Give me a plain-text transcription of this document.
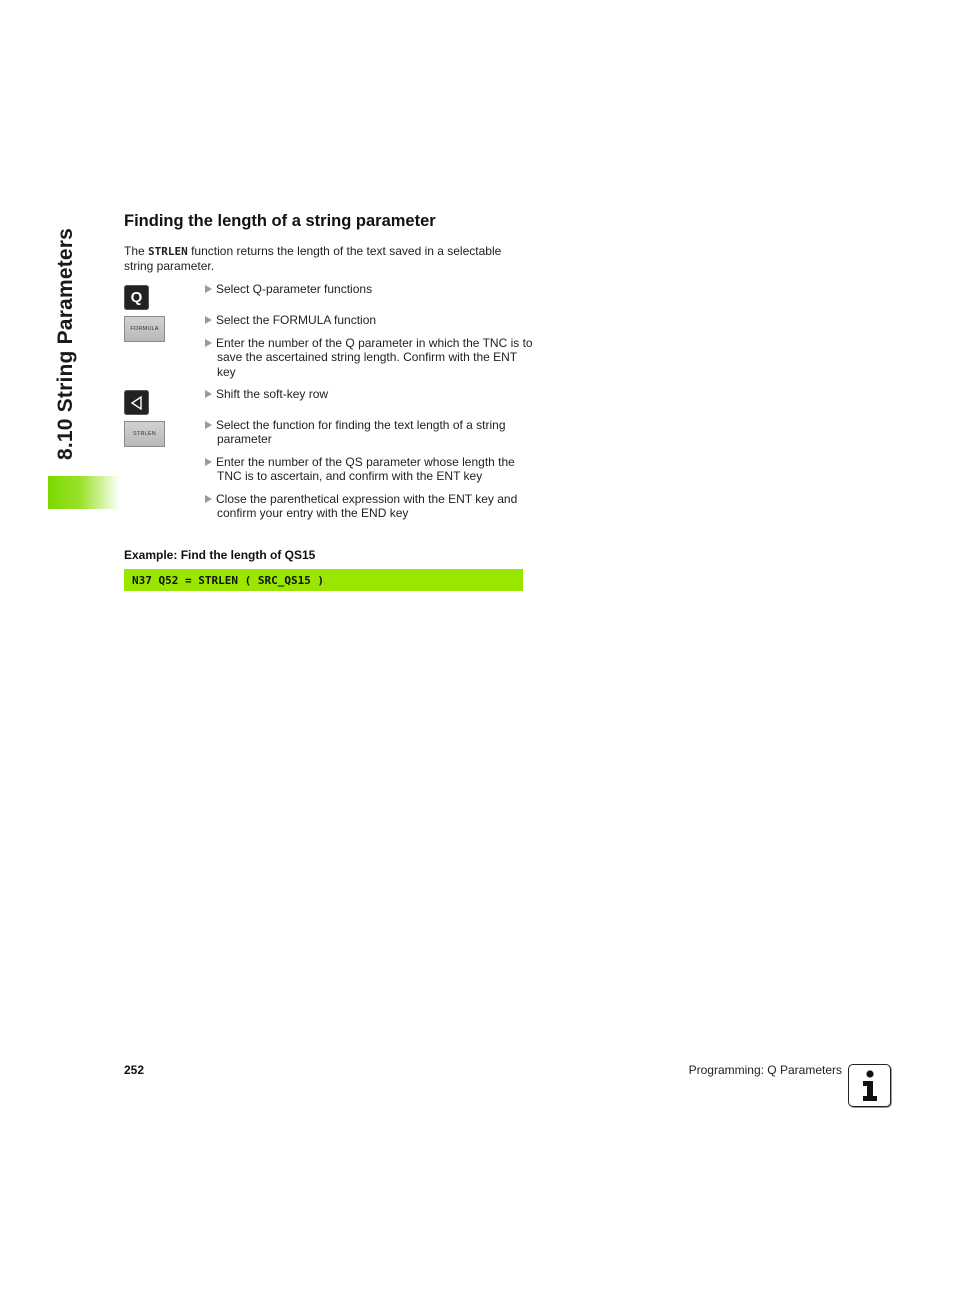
8.10 String Parameters
Finding the length of a string parameter

The STRLEN function returns the length of the text saved in a selectable string parameter.

Q
FORMULA
STRLEN
Select Q-parameter functions
Select the FORMULA function
Enter the number of the Q parameter in which the TNC is to save the ascertained string length. Confirm with the ENT key
Shift the soft-key row
Select the function for finding the text length of a string parameter
Enter the number of the QS parameter whose length the TNC is to ascertain, and confirm with the ENT key
Close the parenthetical expression with the ENT key and confirm your entry with the END key
Example: Find the length of QS15
N37 Q52 = STRLEN ( SRC_QS15 )
252	Programming: Q Parameters
